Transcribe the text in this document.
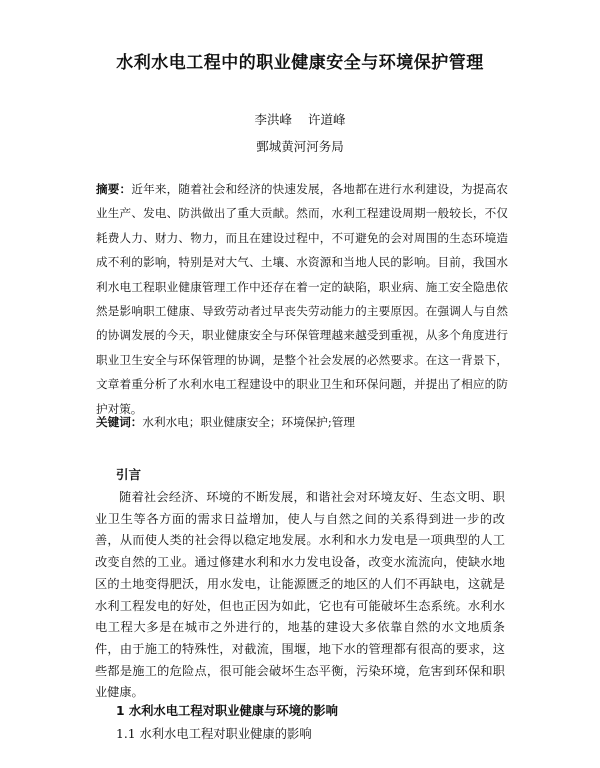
水利水电工程中的职业健康安全与环境保护管理
李洪峰 许道峰
鄄城黄河河务局
摘要：近年来，随着社会和经济的快速发展，各地都在进行水利建设，为提高农业生产、发电、防洪做出了重大贡献。然而，水利工程建设周期一般较长，不仅耗费人力、财力、物力，而且在建设过程中，不可避免的会对周围的生态环境造成不利的影响，特别是对大气、土壤、水资源和当地人民的影响。目前，我国水利水电工程职业健康管理工作中还存在着一定的缺陷，职业病、施工安全隐患依然是影响职工健康、导致劳动者过早丧失劳动能力的主要原因。在强调人与自然的协调发展的今天，职业健康安全与环保管理越来越受到重视，从多个角度进行职业卫生安全与环保管理的协调，是整个社会发展的必然要求。在这一背景下，文章着重分析了水利水电工程建设中的职业卫生和环保问题，并提出了相应的防护对策。
关键词：水利水电；职业健康安全；环境保护;管理
引言
随着社会经济、环境的不断发展，和谐社会对环境友好、生态文明、职业卫生等各方面的需求日益增加，使人与自然之间的关系得到进一步的改善，从而使人类的社会得以稳定地发展。水利和水力发电是一项典型的人工改变自然的工业。通过修建水利和水力发电设备，改变水流流向，使缺水地区的土地变得肥沃，用水发电，让能源匮乏的地区的人们不再缺电，这就是水利工程发电的好处，但也正因为如此，它也有可能破坏生态系统。水利水电工程大多是在城市之外进行的，地基的建设大多依靠自然的水文地质条件，由于施工的特殊性，对截流，围堰，地下水的管理都有很高的要求，这些都是施工的危险点，很可能会破坏生态平衡，污染环境，危害到环保和职业健康。
1 水利水电工程对职业健康与环境的影响
1.1 水利水电工程对职业健康的影响
